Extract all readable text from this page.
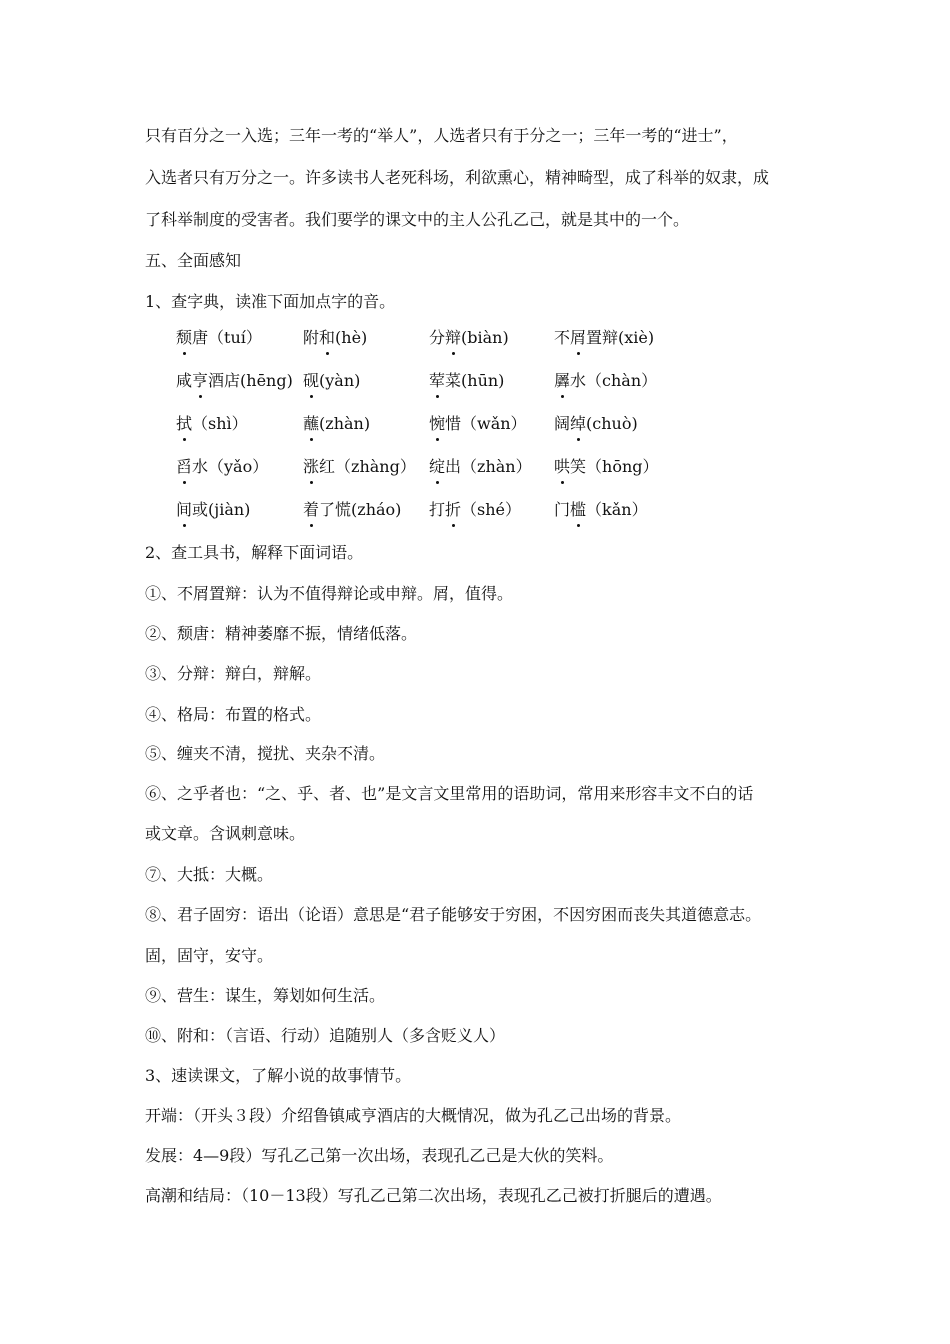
只有百分之一入选；三年一考的“举人”，人选者只有于分之一；三年一考的“进士”，
入选者只有万分之一。许多读书人老死科场，利欲熏心，精神畸型，成了科举的奴隶，成
了科举制度的受害者。我们要学的课文中的主人公孔乙己，就是其中的一个。
五、全面感知
1、查字典，读准下面加点字的音。
颓唐（tuí）	附和(hè)	分辩(biàn)	不屑置辩(xiè)
咸亨酒店(hēng) 砚(yàn)	荤菜(hūn)	羼水（chàn）
拭（shì）	蘸(zhàn)	惋惜（wǎn） 阔绰(chuò)
舀水（yǎo） 涨红（zhàng） 绽出（zhàn） 哄笑（hōng）
间或(jiàn)	着了慌(zháo) 打折（shé） 门槛（kǎn）
2、查工具书，解释下面词语。
①、不屑置辩：认为不值得辩论或申辩。屑，值得。
②、颓唐：精神萎靡不振，情绪低落。
③、分辩：辩白，辩解。
④、格局：布置的格式。
⑤、缠夹不清，搅扰、夹杂不清。
⑥、之乎者也：“之、乎、者、也”是文言文里常用的语助词，常用来形容丰文不白的话
或文章。含讽刺意味。
⑦、大抵：大概。
⑧、君子固穷：语出（论语）意思是“君子能够安于穷困，不因穷困而丧失其道德意志。
固，固守，安守。
⑨、营生：谋生，筹划如何生活。
⑩、附和：（言语、行动）追随别人（多含贬义人）
3、速读课文，了解小说的故事情节。
开端：（开头３段）介绍鲁镇咸亨酒店的大概情况，做为孔乙己出场的背景。
发展：4—9段）写孔乙己第一次出场，表现孔乙己是大伙的笑料。
高潮和结局：（10－13段）写孔乙己第二次出场，表现孔乙己被打折腿后的遭遇。
